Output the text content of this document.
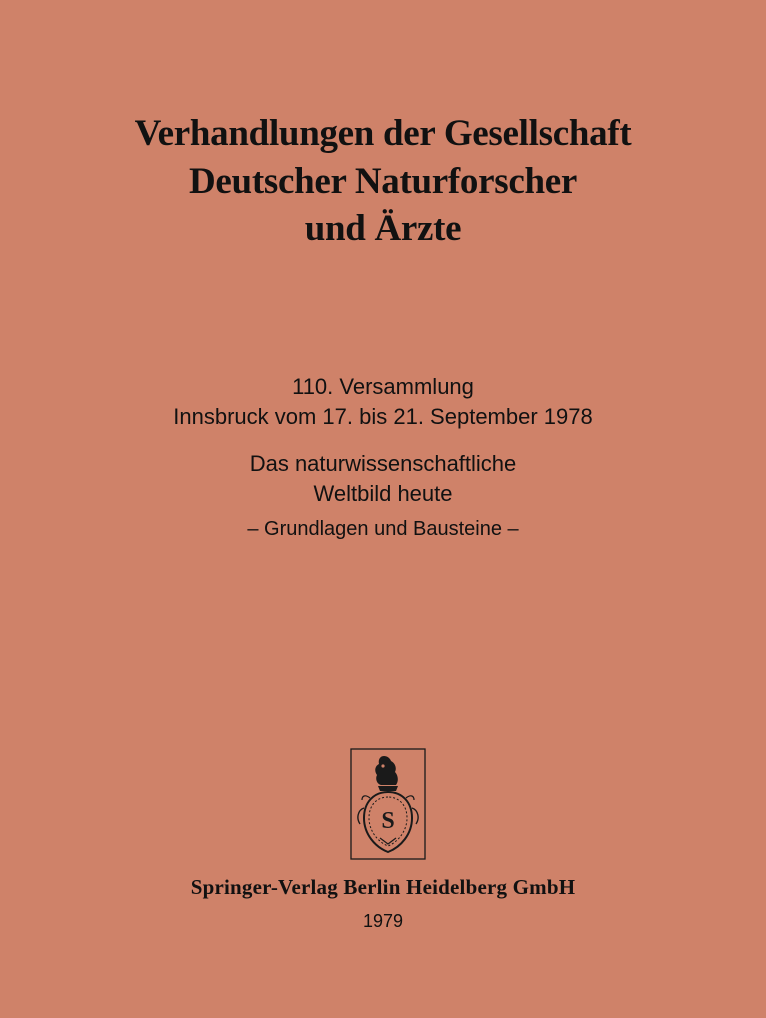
Verhandlungen der Gesellschaft
Deutscher Naturforscher
und Ärzte
110. Versammlung
Innsbruck vom 17. bis 21. September 1978
Das naturwissenschaftliche
Weltbild heute
– Grundlagen und Bausteine –
S
Springer-Verlag Berlin Heidelberg GmbH
1979
